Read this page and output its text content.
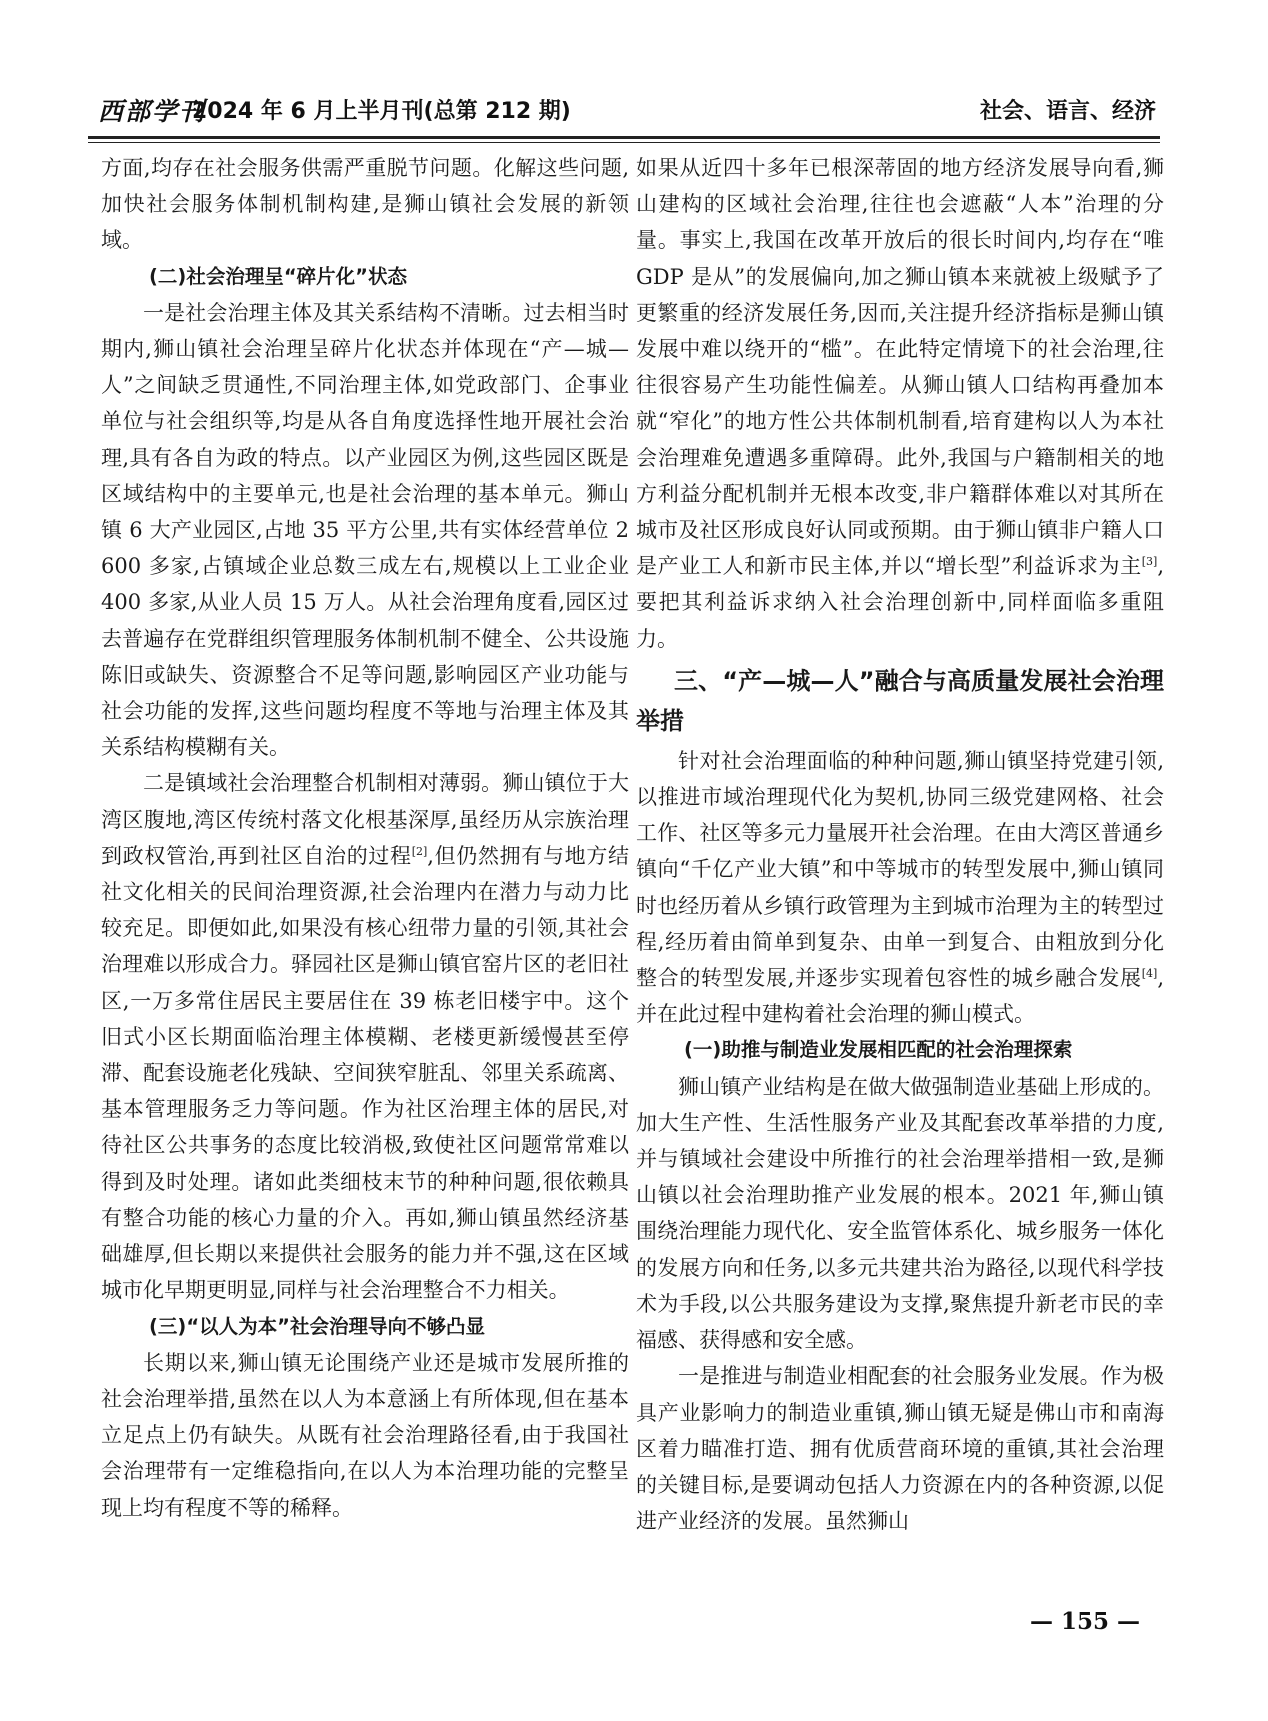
西部学刊
2024 年 6 月上半月刊(总第 212 期)	社会、语言、经济

方面,均存在社会服务供需严重脱节问题。化解这些问题,加快社会服务体制机制构建,是狮山镇社会发展的新领域。

(二)社会治理呈“碎片化”状态

一是社会治理主体及其关系结构不清晰。过去相当时期内,狮山镇社会治理呈碎片化状态并体现在“产—城—人”之间缺乏贯通性,不同治理主体,如党政部门、企事业单位与社会组织等,均是从各自角度选择性地开展社会治理,具有各自为政的特点。以产业园区为例,这些园区既是区域结构中的主要单元,也是社会治理的基本单元。狮山镇 6 大产业园区,占地 35 平方公里,共有实体经营单位 2 600 多家,占镇域企业总数三成左右,规模以上工业企业 400 多家,从业人员 15 万人。从社会治理角度看,园区过去普遍存在党群组织管理服务体制机制不健全、公共设施陈旧或缺失、资源整合不足等问题,影响园区产业功能与社会功能的发挥,这些问题均程度不等地与治理主体及其关系结构模糊有关。

二是镇域社会治理整合机制相对薄弱。狮山镇位于大湾区腹地,湾区传统村落文化根基深厚,虽经历从宗族治理到政权管治,再到社区自治的过程[2],但仍然拥有与地方结社文化相关的民间治理资源,社会治理内在潜力与动力比较充足。即便如此,如果没有核心纽带力量的引领,其社会治理难以形成合力。驿园社区是狮山镇官窑片区的老旧社区,一万多常住居民主要居住在 39 栋老旧楼宇中。这个旧式小区长期面临治理主体模糊、老楼更新缓慢甚至停滞、配套设施老化残缺、空间狭窄脏乱、邻里关系疏离、基本管理服务乏力等问题。作为社区治理主体的居民,对待社区公共事务的态度比较消极,致使社区问题常常难以得到及时处理。诸如此类细枝末节的种种问题,很依赖具有整合功能的核心力量的介入。再如,狮山镇虽然经济基础雄厚,但长期以来提供社会服务的能力并不强,这在区域城市化早期更明显,同样与社会治理整合不力相关。

(三)“以人为本”社会治理导向不够凸显

长期以来,狮山镇无论围绕产业还是城市发展所推的社会治理举措,虽然在以人为本意涵上有所体现,但在基本立足点上仍有缺失。从既有社会治理路径看,由于我国社会治理带有一定维稳指向,在以人为本治理功能的完整呈现上均有程度不等的稀释。

如果从近四十多年已根深蒂固的地方经济发展导向看,狮山建构的区域社会治理,往往也会遮蔽“人本”治理的分量。事实上,我国在改革开放后的很长时间内,均存在“唯 GDP 是从”的发展偏向,加之狮山镇本来就被上级赋予了更繁重的经济发展任务,因而,关注提升经济指标是狮山镇发展中难以绕开的“槛”。在此特定情境下的社会治理,往往很容易产生功能性偏差。从狮山镇人口结构再叠加本就“窄化”的地方性公共体制机制看,培育建构以人为本社会治理难免遭遇多重障碍。此外,我国与户籍制相关的地方利益分配机制并无根本改变,非户籍群体难以对其所在城市及社区形成良好认同或预期。由于狮山镇非户籍人口是产业工人和新市民主体,并以“增长型”利益诉求为主[3],要把其利益诉求纳入社会治理创新中,同样面临多重阻力。

三、“产—城—人”融合与高质量发展社会治理举措

针对社会治理面临的种种问题,狮山镇坚持党建引领,以推进市域治理现代化为契机,协同三级党建网格、社会工作、社区等多元力量展开社会治理。在由大湾区普通乡镇向“千亿产业大镇”和中等城市的转型发展中,狮山镇同时也经历着从乡镇行政管理为主到城市治理为主的转型过程,经历着由简单到复杂、由单一到复合、由粗放到分化整合的转型发展,并逐步实现着包容性的城乡融合发展[4],并在此过程中建构着社会治理的狮山模式。

(一)助推与制造业发展相匹配的社会治理探索

狮山镇产业结构是在做大做强制造业基础上形成的。加大生产性、生活性服务产业及其配套改革举措的力度,并与镇域社会建设中所推行的社会治理举措相一致,是狮山镇以社会治理助推产业发展的根本。2021 年,狮山镇围绕治理能力现代化、安全监管体系化、城乡服务一体化的发展方向和任务,以多元共建共治为路径,以现代科学技术为手段,以公共服务建设为支撑,聚焦提升新老市民的幸福感、获得感和安全感。

一是推进与制造业相配套的社会服务业发展。作为极具产业影响力的制造业重镇,狮山镇无疑是佛山市和南海区着力瞄准打造、拥有优质营商环境的重镇,其社会治理的关键目标,是要调动包括人力资源在内的各种资源,以促进产业经济的发展。虽然狮山

— 155 —
